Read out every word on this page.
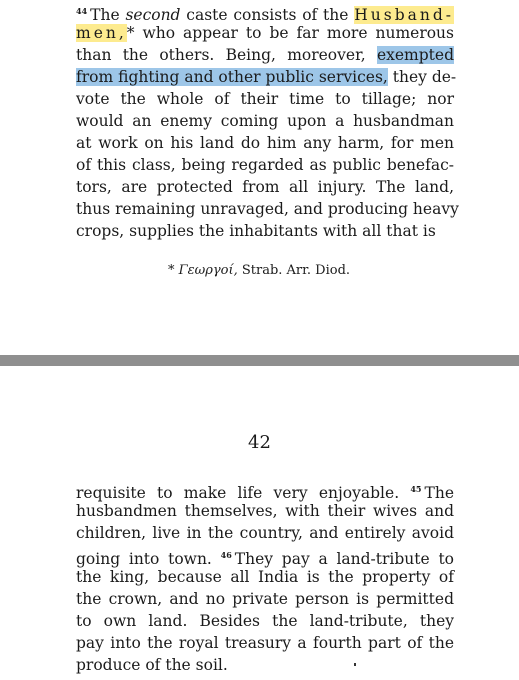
$^{44}$ The second caste consists of the Husband-
men,* who appear to be far more numerous
than the others. Being, moreover, exempted
from fighting and other public services, they de-
vote the whole of their time to tillage; nor
would an enemy coming upon a husbandman
at work on his land do him any harm, for men
of this class, being regarded as public benefac-
tors, are protected from all injury. The land,
thus remaining unravaged, and producing heavy
crops, supplies the inhabitants with all that is
* Γεωργοί, Strab. Arr. Diod.
42
requisite to make life very enjoyable. $^{45}$ The
husbandmen themselves, with their wives and
children, live in the country, and entirely avoid
going into town. $^{46}$ They pay a land-tribute to
the king, because all India is the property of
the crown, and no private person is permitted
to own land. Besides the land-tribute, they
pay into the royal treasury a fourth part of the
produce of the soil.
